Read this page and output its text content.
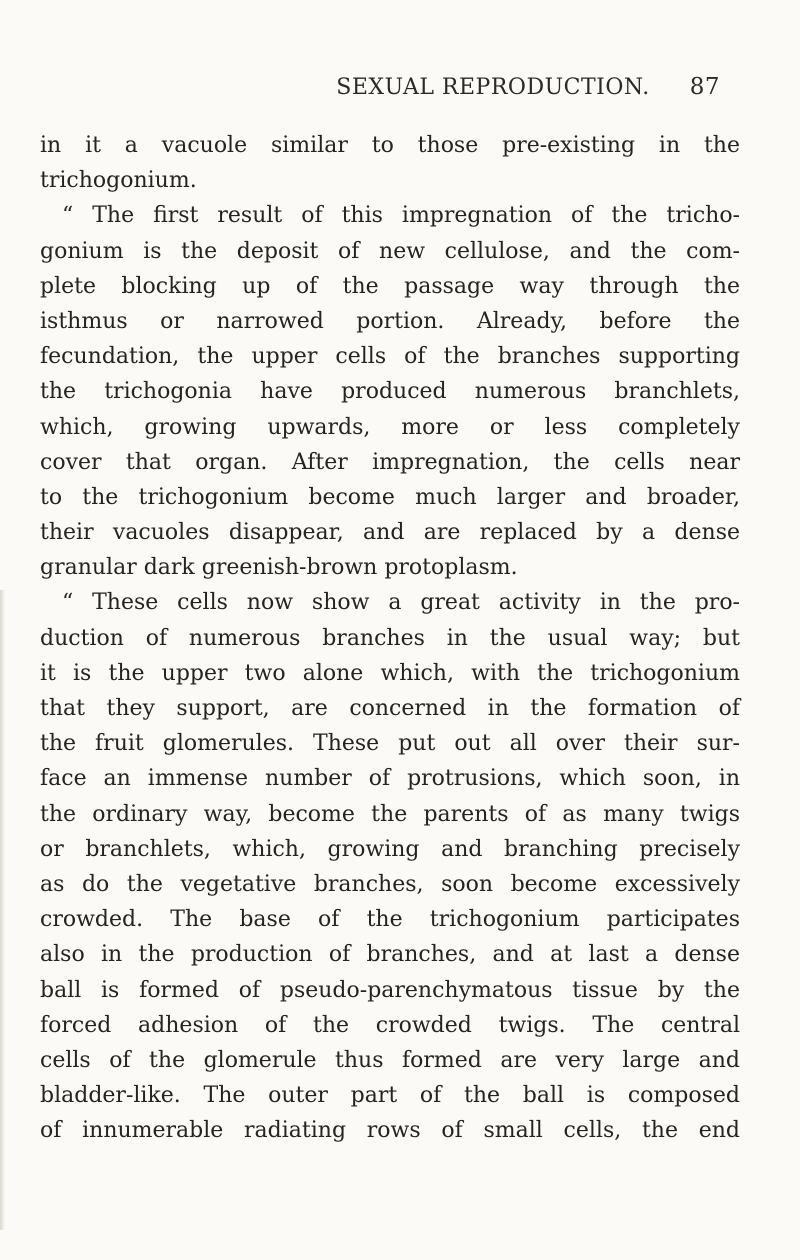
SEXUAL REPRODUCTION. 87
in it a vacuole similar to those pre-existing in the
trichogonium.
“ The first result of this impregnation of the tricho-
gonium is the deposit of new cellulose, and the com-
plete blocking up of the passage way through the
isthmus or narrowed portion. Already, before the
fecundation, the upper cells of the branches supporting
the trichogonia have produced numerous branchlets,
which, growing upwards, more or less completely
cover that organ. After impregnation, the cells near
to the trichogonium become much larger and broader,
their vacuoles disappear, and are replaced by a dense
granular dark greenish-brown protoplasm.
“ These cells now show a great activity in the pro-
duction of numerous branches in the usual way; but
it is the upper two alone which, with the trichogonium
that they support, are concerned in the formation of
the fruit glomerules. These put out all over their sur-
face an immense number of protrusions, which soon, in
the ordinary way, become the parents of as many twigs
or branchlets, which, growing and branching precisely
as do the vegetative branches, soon become excessively
crowded. The base of the trichogonium participates
also in the production of branches, and at last a dense
ball is formed of pseudo-parenchymatous tissue by the
forced adhesion of the crowded twigs. The central
cells of the glomerule thus formed are very large and
bladder-like. The outer part of the ball is composed
of innumerable radiating rows of small cells, the end
